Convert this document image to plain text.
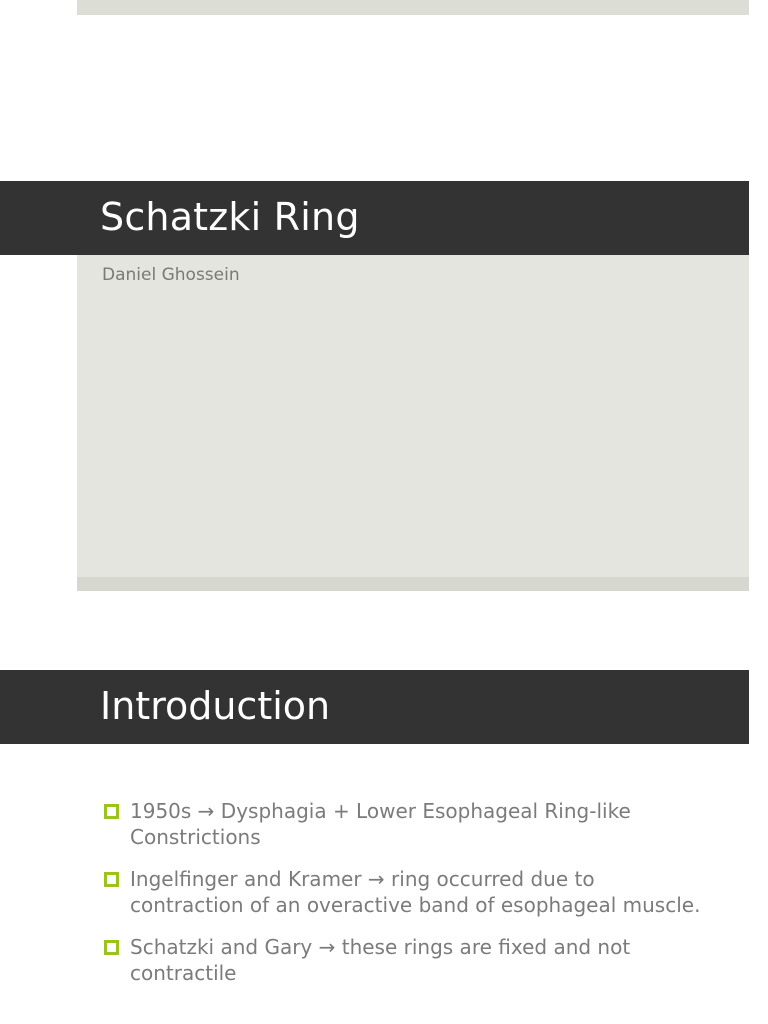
Schatzki Ring
Daniel Ghossein
Introduction
1950s → Dysphagia + Lower Esophageal Ring-like Constrictions
Ingelfinger and Kramer → ring occurred due to contraction of an overactive band of esophageal muscle.
Schatzki and Gary → these rings are fixed and not contractile
